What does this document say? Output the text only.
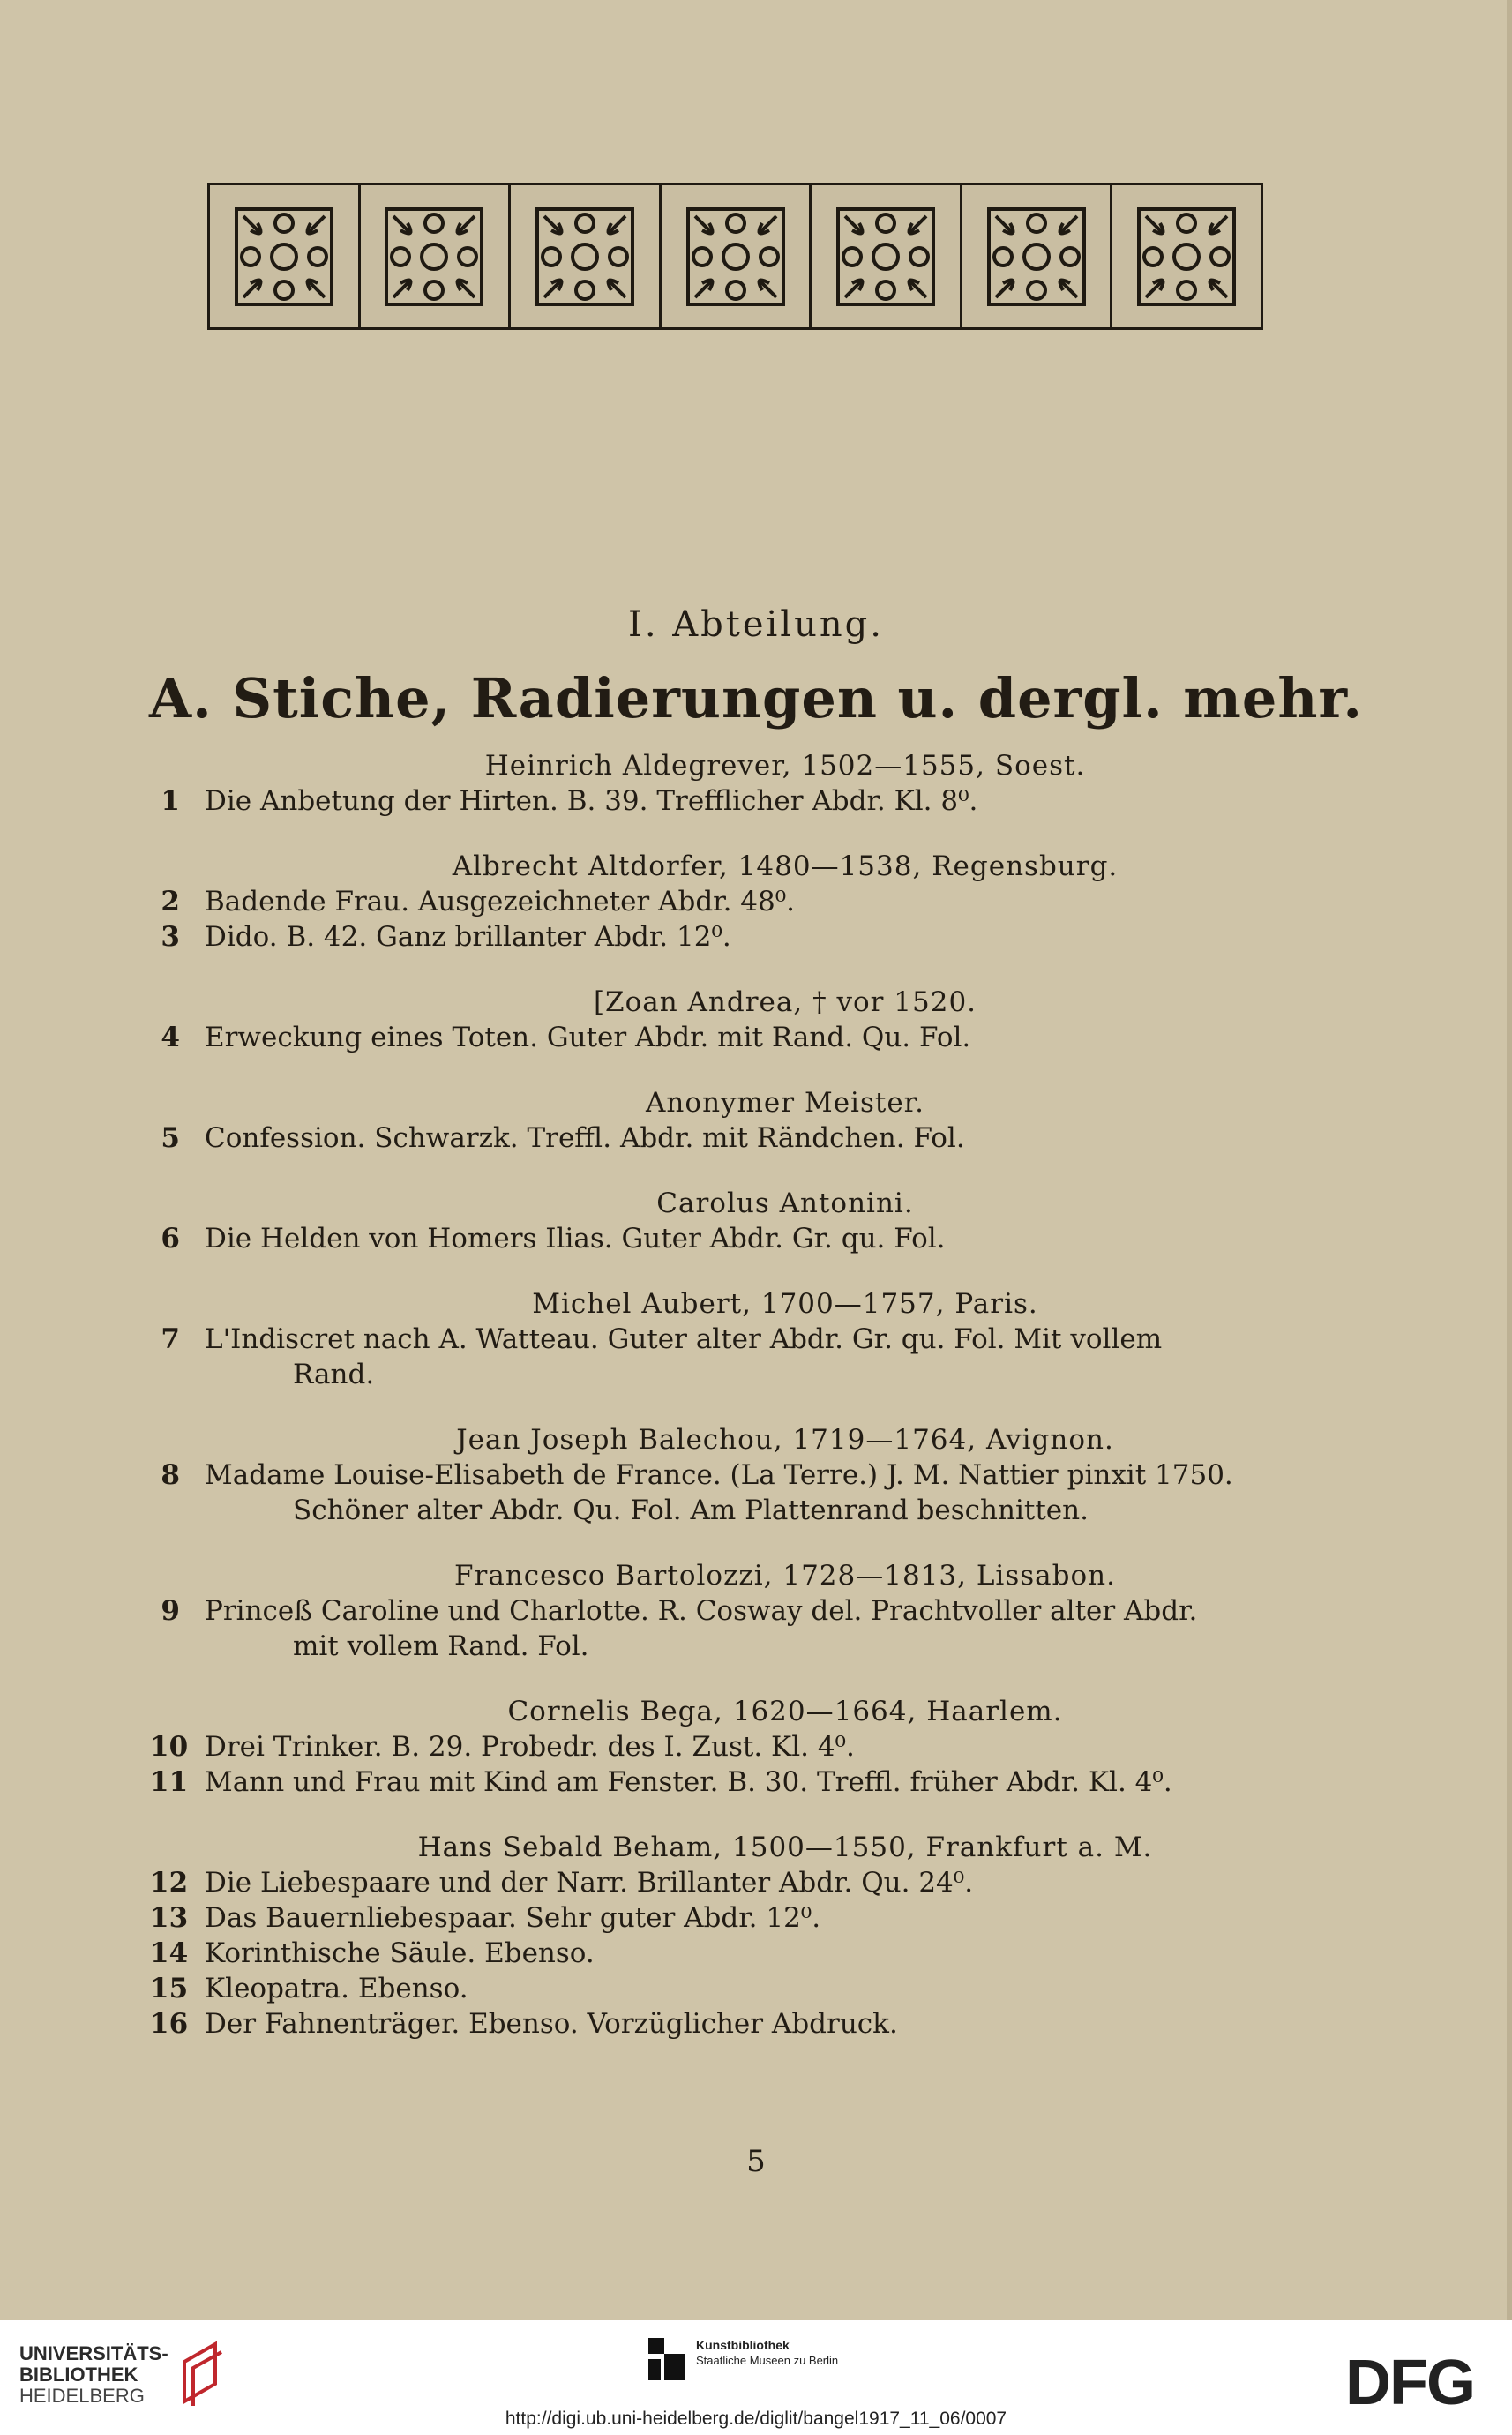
I. Abteilung.
A. Stiche, Radierungen u. dergl. mehr.
Heinrich Aldegrever, 1502—1555, Soest.
1 Die Anbetung der Hirten. B. 39. Trefflicher Abdr. Kl. 8⁰.
Albrecht Altdorfer, 1480—1538, Regensburg.
2 Badende Frau. Ausgezeichneter Abdr. 48⁰.
3 Dido. B. 42. Ganz brillanter Abdr. 12⁰.
[Zoan Andrea, † vor 1520.
4 Erweckung eines Toten. Guter Abdr. mit Rand. Qu. Fol.
Anonymer Meister.
5 Confession. Schwarzk. Treffl. Abdr. mit Rändchen. Fol.
Carolus Antonini.
6 Die Helden von Homers Ilias. Guter Abdr. Gr. qu. Fol.
Michel Aubert, 1700—1757, Paris.
7 L'Indiscret nach A. Watteau. Guter alter Abdr. Gr. qu. Fol. Mit vollem
Rand.
Jean Joseph Balechou, 1719—1764, Avignon.
8 Madame Louise-Elisabeth de France. (La Terre.) J. M. Nattier pinxit 1750.
Schöner alter Abdr. Qu. Fol. Am Plattenrand beschnitten.
Francesco Bartolozzi, 1728—1813, Lissabon.
9 Princeß Caroline und Charlotte. R. Cosway del. Prachtvoller alter Abdr.
mit vollem Rand. Fol.
Cornelis Bega, 1620—1664, Haarlem.
10 Drei Trinker. B. 29. Probedr. des I. Zust. Kl. 4⁰.
11 Mann und Frau mit Kind am Fenster. B. 30. Treffl. früher Abdr. Kl. 4⁰.
Hans Sebald Beham, 1500—1550, Frankfurt a. M.
12 Die Liebespaare und der Narr. Brillanter Abdr. Qu. 24⁰.
13 Das Bauernliebespaar. Sehr guter Abdr. 12⁰.
14 Korinthische Säule. Ebenso.
15 Kleopatra. Ebenso.
16 Der Fahnenträger. Ebenso. Vorzüglicher Abdruck.
5
UNIVERSITÄTS-
BIBLIOTHEK
HEIDELBERG
Kunstbibliothek
Staatliche Museen zu Berlin	DFG
http://digi.ub.uni-heidelberg.de/diglit/bangel1917_11_06/0007
